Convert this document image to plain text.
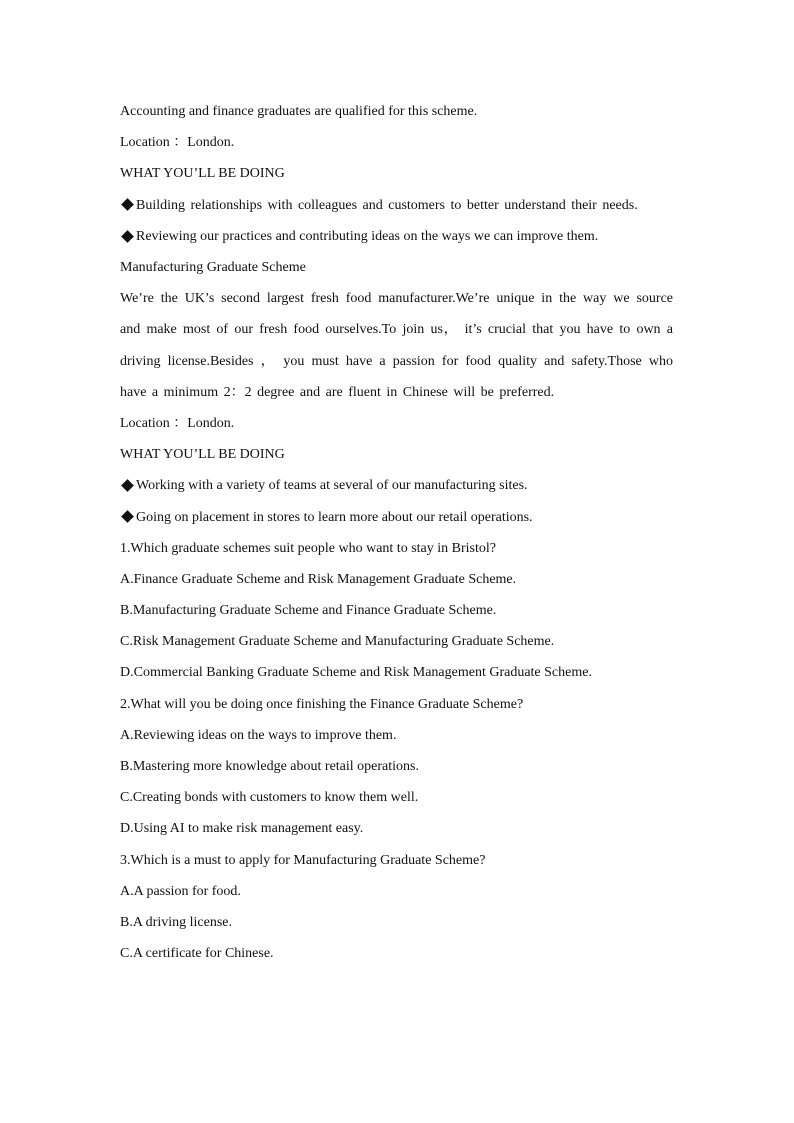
Accounting and finance graduates are qualified for this scheme.

Location ：London.

WHAT YOU’LL BE DOING

Building relationships with colleagues and customers to better understand their needs.

Reviewing our practices and contributing ideas on the ways we can improve them.

Manufacturing Graduate Scheme

We’re the UK’s second largest fresh food manufacturer.We’re unique in the way we source and make most of our fresh food ourselves.To join us， it’s crucial that you have to own a driving license.Besides ， you must have a passion for food quality and safety.Those who have a minimum 2：2 degree and are fluent in Chinese will be preferred.

Location ：London.

WHAT YOU’LL BE DOING

Working with a variety of teams at several of our manufacturing sites.

Going on placement in stores to learn more about our retail operations.

1.Which graduate schemes suit people who want to stay in Bristol?

A.Finance Graduate Scheme and Risk Management Graduate Scheme.

B.Manufacturing Graduate Scheme and Finance Graduate Scheme.

C.Risk Management Graduate Scheme and Manufacturing Graduate Scheme.

D.Commercial Banking Graduate Scheme and Risk Management Graduate Scheme.

2.What will you be doing once finishing the Finance Graduate Scheme?

A.Reviewing ideas on the ways to improve them.

B.Mastering more knowledge about retail operations.

C.Creating bonds with customers to know them well.

D.Using AI to make risk management easy.

3.Which is a must to apply for Manufacturing Graduate Scheme?

A.A passion for food.

B.A driving license.

C.A certificate for Chinese.
